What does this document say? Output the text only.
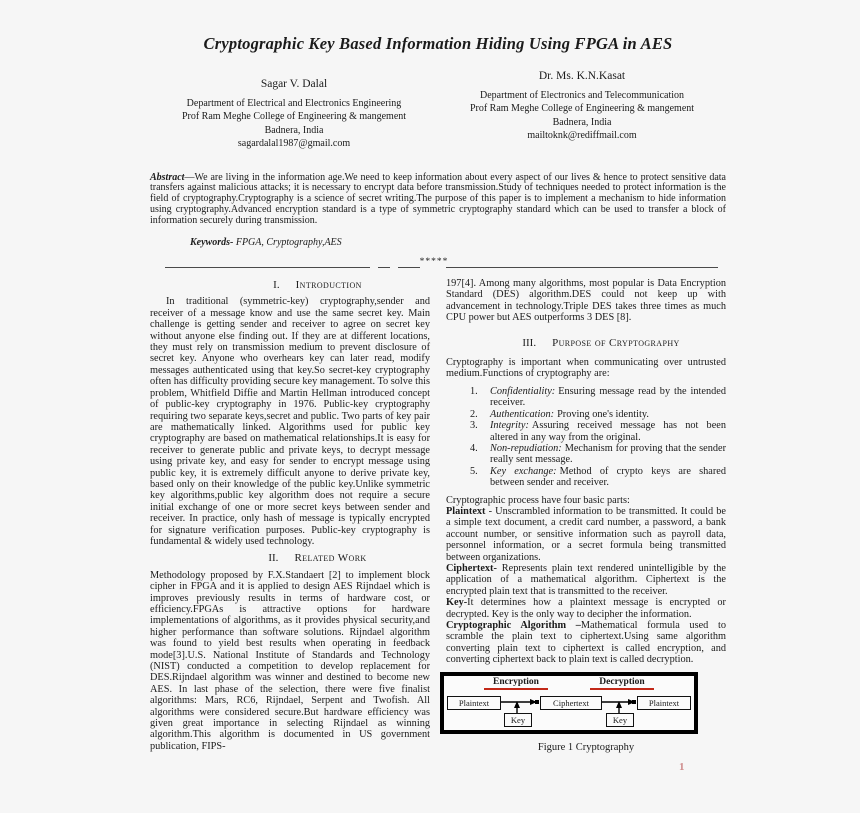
Cryptographic Key Based Information Hiding Using FPGA in AES
Sagar V. Dalal
Department of Electrical and Electronics Engineering
Prof Ram Meghe College of Engineering & mangement
Badnera, India
sagardalal1987@gmail.com
Dr. Ms. K.N.Kasat
Department of Electronics and Telecommunication
Prof Ram Meghe College of Engineering & mangement
Badnera, India
mailtoknk@rediffmail.com

Abstract—We are living in the information age.We need to keep information about every aspect of our lives & hence to protect sensitive data transfers against malicious attacks; it is necessary to encrypt data before transmission.Study of techniques needed to protect information is the field of cryptography.Cryptography is a science of secret writing.The purpose of this paper is to implement a mechanism to hide information using cryptography.Advanced encryption standard is a type of symmetric cryptography standard which can be used to transfer a block of information securely during transmission.

Keywords- FPGA, Cryptography,AES

*****
I. Introduction

In traditional (symmetric-key) cryptography,sender and receiver of a message know and use the same secret key. Main challenge is getting sender and receiver to agree on secret key without anyone else finding out. If they are at different locations, they must rely on transmission medium to prevent disclosure of secret key. Anyone who overhears key can later read, modify messages authenticated using that key.So secret-key cryptography often has difficulty providing secure key management. To solve this problem, Whitfield Diffie and Martin Hellman introduced concept of public-key cryptography in 1976. Public-key cryptography requiring two separate keys,secret and public. Two parts of key pair are mathematically linked. Algorithms used for public key cryptography are based on mathematical relationships.It is easy for receiver to generate public and private keys, to decrypt message using private key, and easy for sender to encrypt message using public key, it is extremely difficult anyone to derive private key, based only on their knowledge of the public key.Unlike symmetric key algorithms,public key algorithm does not require a secure initial exchange of one or more secret keys between sender and receiver. In practice, only hash of message is typically encrypted for signature verification purposes. Public-key cryptography is fundamental & widely used technology.

II. Related Work

Methodology proposed by F.X.Standaert [2] to implement block cipher in FPGA and it is applied to design AES Rijndael which is improves previously results in terms of hardware cost, or efficiency.FPGAs is attractive options for hardware implementations of algorithms, as it provides physical security,and higher performance than software solutions. Rijndael algorithm was found to yield best results when operating in feedback mode[3].U.S. National Institute of Standards and Technology (NIST) conducted a competition to develop replacement for DES.Rijndael algorithm was winner and destined to become new AES. In last phase of the selection, there were five finalist algorithms: Mars, RC6, Rijndael, Serpent and Twofish. All algorithms were considered secure.But hardware efficiency was given great importance in selecting Rijndael as winning algorithm.This algorithm is documented in US government publication, FIPS-

197[4]. Among many algorithms, most popular is Data Encryption Standard (DES) algorithm.DES could not keep up with advancement in technology.Triple DES takes three times as much CPU power but AES outperforms 3 DES [8].

III. Purpose of Cryptography

Cryptography is important when communicating over untrusted medium.Functions of cryptography are:

1.	Confidentiality: Ensuring message read by the intended receiver.
2.	Authentication: Proving one's identity.
3.	Integrity: Assuring received message has not been altered in any way from the original.
4.	Non-repudiation: Mechanism for proving that the sender really sent message.
5.	Key exchange: Method of crypto keys are shared between sender and receiver.

Cryptographic process have four basic parts:

Plaintext - Unscrambled information to be transmitted. It could be a simple text document, a credit card number, a password, a bank account number, or sensitive information such as payroll data, personnel information, or a secret formula being transmitted between organizations.

Ciphertext- Represents plain text rendered unintelligible by the application of a mathematical algorithm. Ciphertext is the encrypted plain text that is transmitted to the receiver.

Key-It determines how a plaintext message is encrypted or decrypted. Key is the only way to decipher the information.

Cryptographic Algorithm –Mathematical formula used to scramble the plain text to ciphertext.Using same algorithm converting plain text to ciphertext is called encryption, and converting ciphertext back to plain text is called decryption.

Encryption	Decryption
Plaintext	Ciphertext	Plaintext
Key	Key
Figure 1 Cryptography
1
